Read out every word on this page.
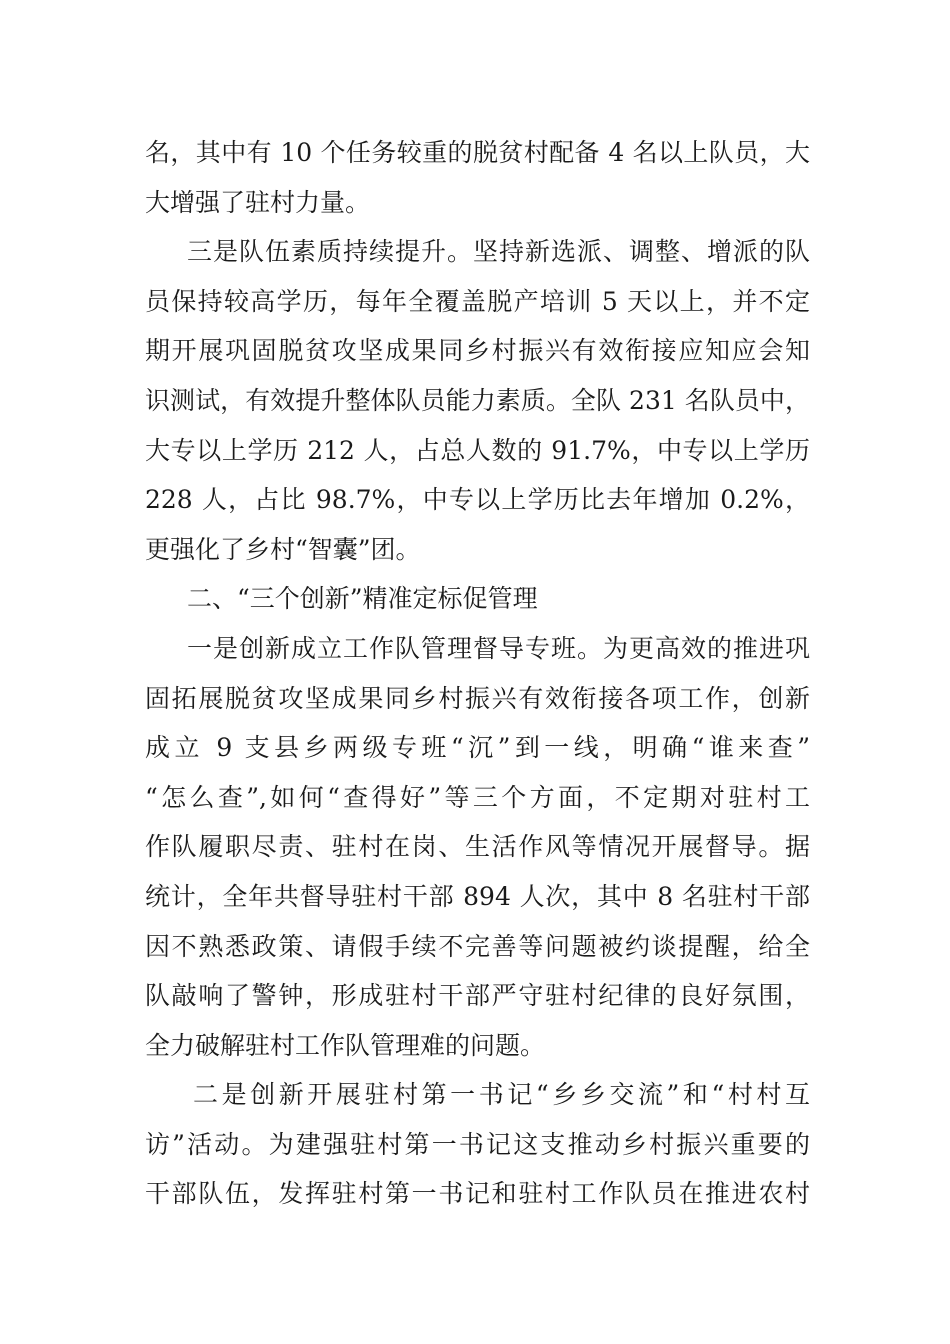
名，其中有 10 个任务较重的脱贫村配备 4 名以上队员，大
大增强了驻村力量。
三是队伍素质持续提升。坚持新选派、调整、增派的队
员保持较高学历，每年全覆盖脱产培训 5 天以上，并不定
期开展巩固脱贫攻坚成果同乡村振兴有效衔接应知应会知
识测试，有效提升整体队员能力素质。全队 231 名队员中，
大专以上学历 212 人，占总人数的 91.7%，中专以上学历
228 人，占比 98.7%，中专以上学历比去年增加 0.2%，
更强化了乡村“智囊”团。
二、“三个创新”精准定标促管理
一是创新成立工作队管理督导专班。为更高效的推进巩
固拓展脱贫攻坚成果同乡村振兴有效衔接各项工作，创新
成立 9 支县乡两级专班“沉”到一线，明确“谁来查”
“怎么查”,如何“查得好”等三个方面，不定期对驻村工
作队履职尽责、驻村在岗、生活作风等情况开展督导。据
统计，全年共督导驻村干部 894 人次，其中 8 名驻村干部
因不熟悉政策、请假手续不完善等问题被约谈提醒，给全
队敲响了警钟，形成驻村干部严守驻村纪律的良好氛围，
全力破解驻村工作队管理难的问题。
二是创新开展驻村第一书记“乡乡交流”和“村村互
访”活动。为建强驻村第一书记这支推动乡村振兴重要的
干部队伍，发挥驻村第一书记和驻村工作队员在推进农村
